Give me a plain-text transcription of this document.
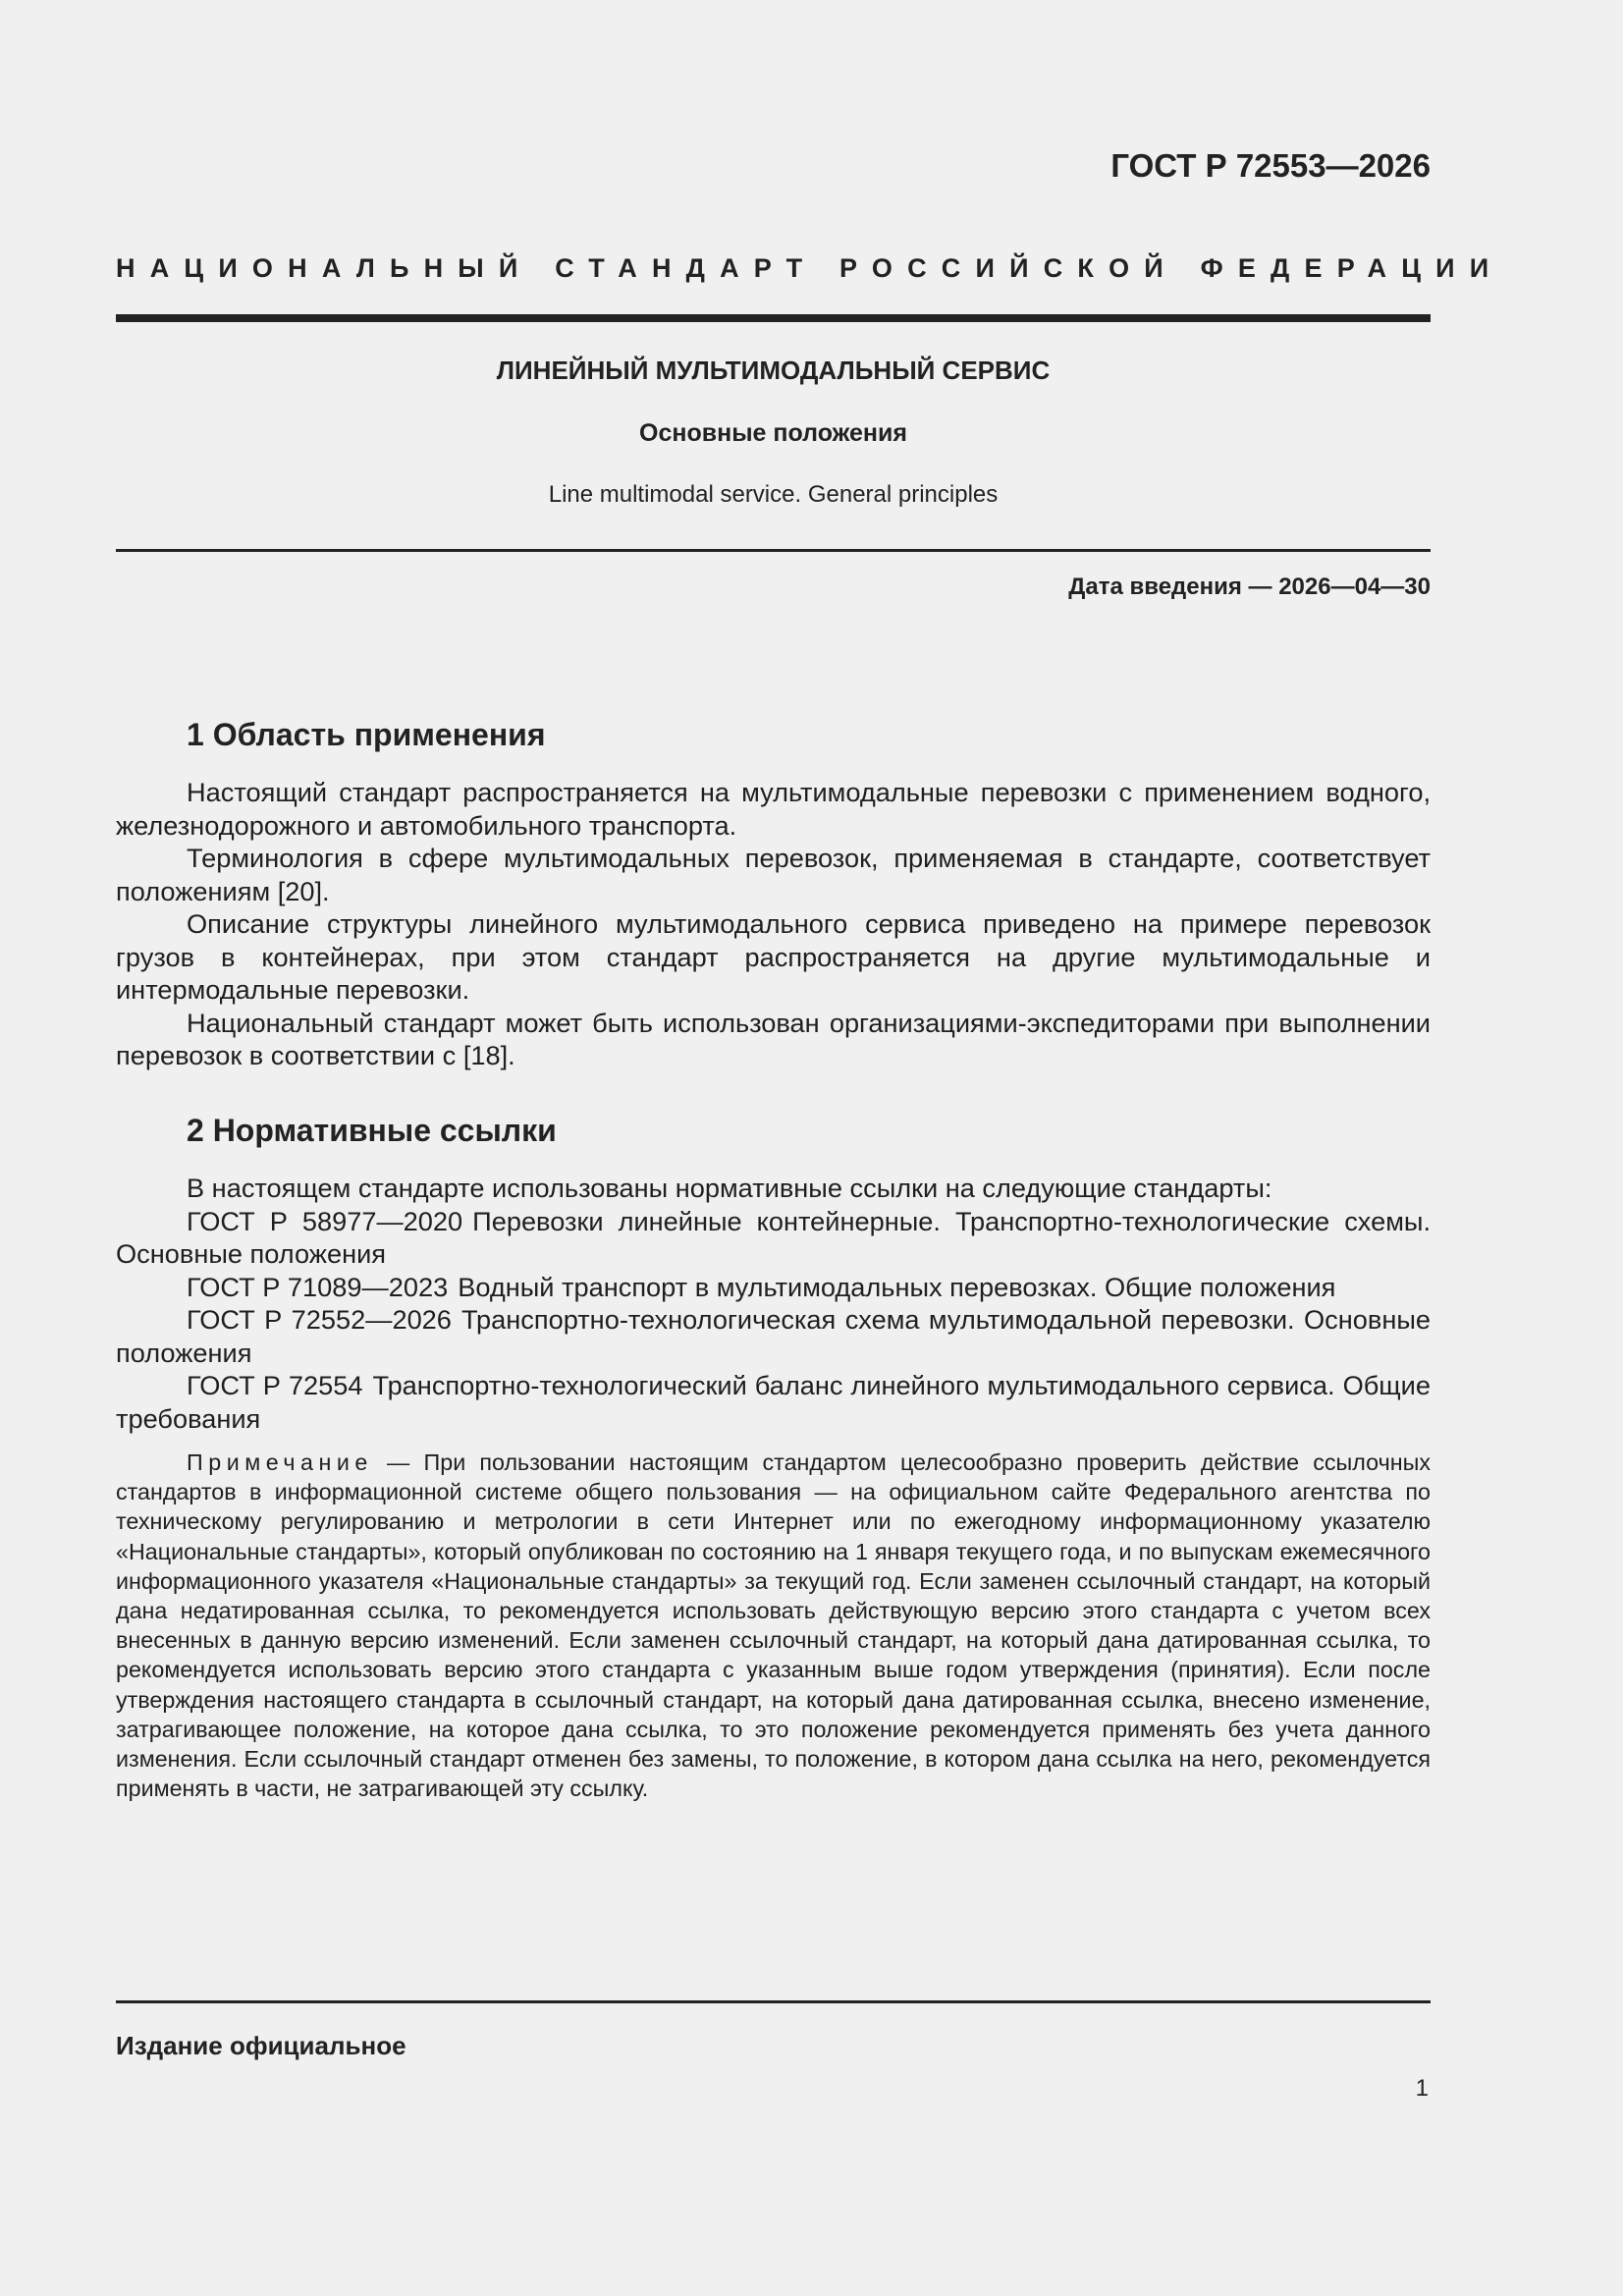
ГОСТ Р 72553—2026
НАЦИОНАЛЬНЫЙ СТАНДАРТ РОССИЙСКОЙ ФЕДЕРАЦИИ
ЛИНЕЙНЫЙ МУЛЬТИМОДАЛЬНЫЙ СЕРВИС
Основные положения
Line multimodal service. General principles
Дата введения — 2026—04—30
1 Область применения

Настоящий стандарт распространяется на мультимодальные перевозки с применением водного, железнодорожного и автомобильного транспорта.

Терминология в сфере мультимодальных перевозок, применяемая в стандарте, соответствует положениям [20].

Описание структуры линейного мультимодального сервиса приведено на примере перевозок грузов в контейнерах, при этом стандарт распространяется на другие мультимодальные и интермодальные перевозки.

Национальный стандарт может быть использован организациями-экспедиторами при выполнении перевозок в соответствии с [18].

2 Нормативные ссылки

В настоящем стандарте использованы нормативные ссылки на следующие стандарты:

ГОСТ Р 58977—2020 Перевозки линейные контейнерные. Транспортно-технологические схемы. Основные положения

ГОСТ Р 71089—2023 Водный транспорт в мультимодальных перевозках. Общие положения

ГОСТ Р 72552—2026 Транспортно-технологическая схема мультимодальной перевозки. Основные положения

ГОСТ Р 72554 Транспортно-технологический баланс линейного мультимодального сервиса. Общие требования

Примечание — При пользовании настоящим стандартом целесообразно проверить действие ссылочных стандартов в информационной системе общего пользования — на официальном сайте Федерального агентства по техническому регулированию и метрологии в сети Интернет или по ежегодному информационному указателю «Национальные стандарты», который опубликован по состоянию на 1 января текущего года, и по выпускам ежемесячного информационного указателя «Национальные стандарты» за текущий год. Если заменен ссылочный стандарт, на который дана недатированная ссылка, то рекомендуется использовать действующую версию этого стандарта с учетом всех внесенных в данную версию изменений. Если заменен ссылочный стандарт, на который дана датированная ссылка, то рекомендуется использовать версию этого стандарта с указанным выше годом утверждения (принятия). Если после утверждения настоящего стандарта в ссылочный стандарт, на который дана датированная ссылка, внесено изменение, затрагивающее положение, на которое дана ссылка, то это положение рекомендуется применять без учета данного изменения. Если ссылочный стандарт отменен без замены, то положение, в котором дана ссылка на него, рекомендуется применять в части, не затрагивающей эту ссылку.

Издание официальное
1
